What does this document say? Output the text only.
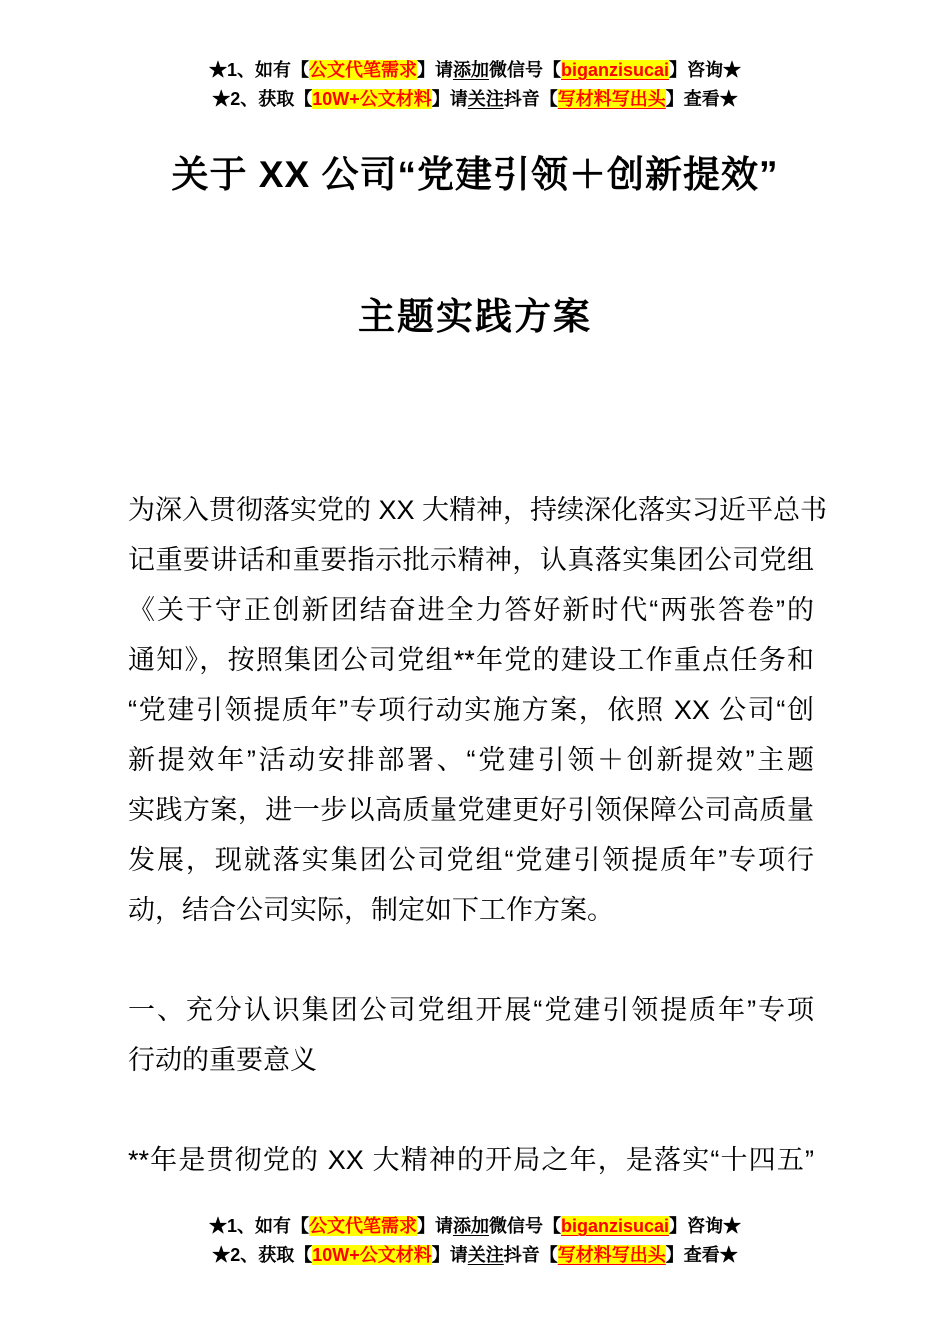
★1、如有【公文代笔需求】请添加微信号【biganzisucai】咨询★
★2、获取【10W+公文材料】请关注抖音【写材料写出头】查看★
关于 XX 公司“党建引领＋创新提效”
主题实践方案
为深入贯彻落实党的 XX 大精神，持续深化落实习近平总书
记重要讲话和重要指示批示精神，认真落实集团公司党组
《关于守正创新团结奋进全力答好新时代“两张答卷”的
通知》，按照集团公司党组**年党的建设工作重点任务和
“党建引领提质年”专项行动实施方案，依照 XX 公司“创
新提效年”活动安排部署、“党建引领＋创新提效”主题
实践方案，进一步以高质量党建更好引领保障公司高质量
发展，现就落实集团公司党组“党建引领提质年”专项行
动，结合公司实际，制定如下工作方案。
一、充分认识集团公司党组开展“党建引领提质年”专项
行动的重要意义
**年是贯彻党的 XX 大精神的开局之年，是落实“十四五”
★1、如有【公文代笔需求】请添加微信号【biganzisucai】咨询★
★2、获取【10W+公文材料】请关注抖音【写材料写出头】查看★
